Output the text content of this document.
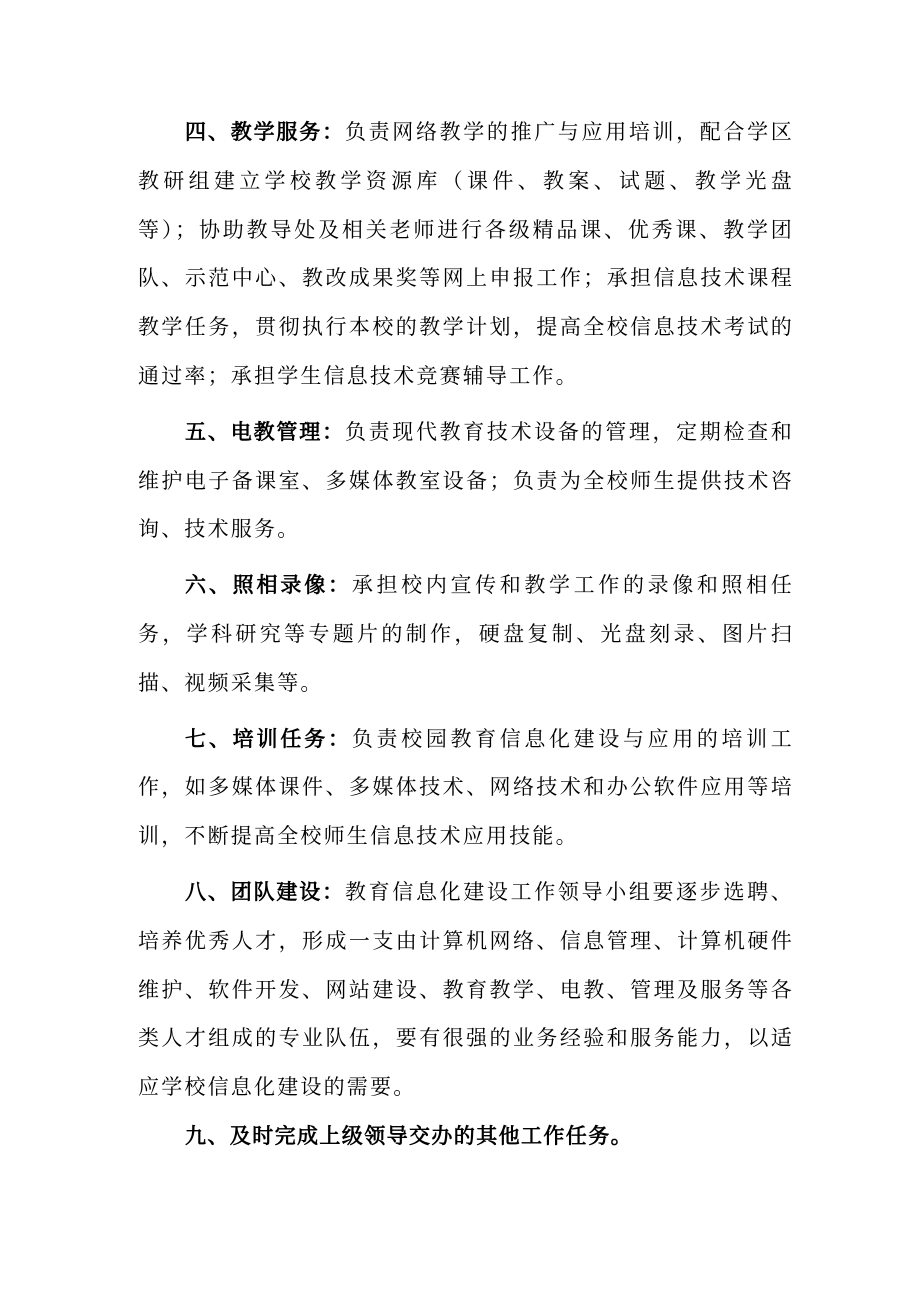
四、教学服务：负责网络教学的推广与应用培训，配合学区教研组建立学校教学资源库（课件、教案、试题、教学光盘等）；协助教导处及相关老师进行各级精品课、优秀课、教学团队、示范中心、教改成果奖等网上申报工作；承担信息技术课程教学任务，贯彻执行本校的教学计划，提高全校信息技术考试的通过率；承担学生信息技术竞赛辅导工作。

五、电教管理：负责现代教育技术设备的管理，定期检查和维护电子备课室、多媒体教室设备；负责为全校师生提供技术咨询、技术服务。

六、照相录像：承担校内宣传和教学工作的录像和照相任务，学科研究等专题片的制作，硬盘复制、光盘刻录、图片扫描、视频采集等。

七、培训任务：负责校园教育信息化建设与应用的培训工作，如多媒体课件、多媒体技术、网络技术和办公软件应用等培训，不断提高全校师生信息技术应用技能。

八、团队建设：教育信息化建设工作领导小组要逐步选聘、培养优秀人才，形成一支由计算机网络、信息管理、计算机硬件维护、软件开发、网站建设、教育教学、电教、管理及服务等各类人才组成的专业队伍，要有很强的业务经验和服务能力，以适应学校信息化建设的需要。

九、及时完成上级领导交办的其他工作任务。
